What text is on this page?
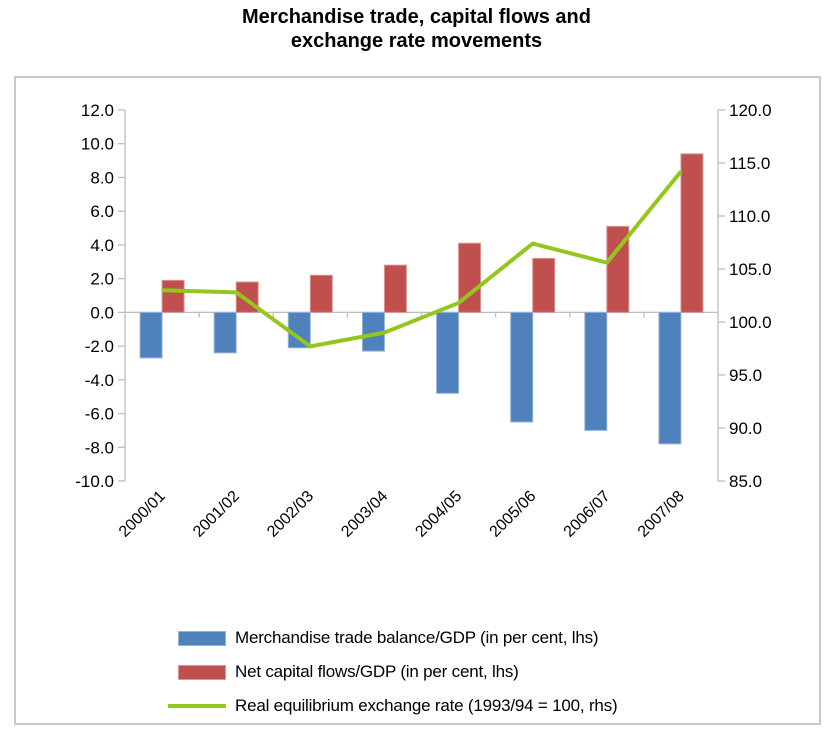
Merchandise trade, capital flows and
exchange rate movements
12.0
10.0
8.0
6.0
4.0
2.0
0.0
-2.0
-4.0
-6.0
-8.0
-10.0
120.0
115.0
110.0
105.0
100.0
95.0
90.0
85.0
2000/01 2001/02 2002/03 2003/04 2004/05 2005/06 2006/07 2007/08
Merchandise trade balance/GDP (in per cent, lhs)
Net capital flows/GDP (in per cent, lhs)
Real equilibrium exchange rate (1993/94 = 100, rhs)
